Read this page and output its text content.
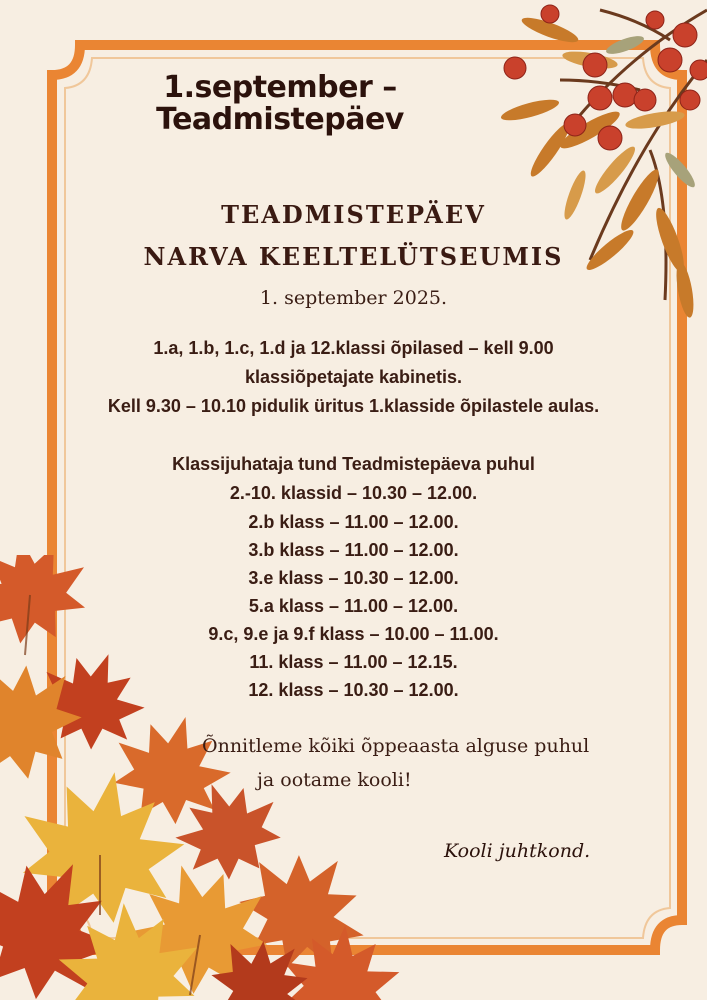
1.september –
Teadmistepäev
TEADMISTEPÄEV
NARVA KEELTELÜTSEUMIS
1. september 2025.
1.a, 1.b, 1.c, 1.d ja 12.klassi õpilased – kell 9.00
klassiõpetajate kabinetis.
Kell 9.30 – 10.10 pidulik üritus 1.klasside õpilastele aulas.
Klassijuhataja tund Teadmistepäeva puhul
2.-10. klassid – 10.30 – 12.00.
2.b klass – 11.00 – 12.00.
3.b klass – 11.00 – 12.00.
3.e klass – 10.30 – 12.00.
5.a klass – 11.00 – 12.00.
9.c, 9.e ja 9.f klass – 10.00 – 11.00.
11. klass – 11.00 – 12.15.
12. klass – 10.30 – 12.00.
Õnnitleme kõiki õppeaasta alguse puhul
ja ootame kooli!
Kooli juhtkond.
